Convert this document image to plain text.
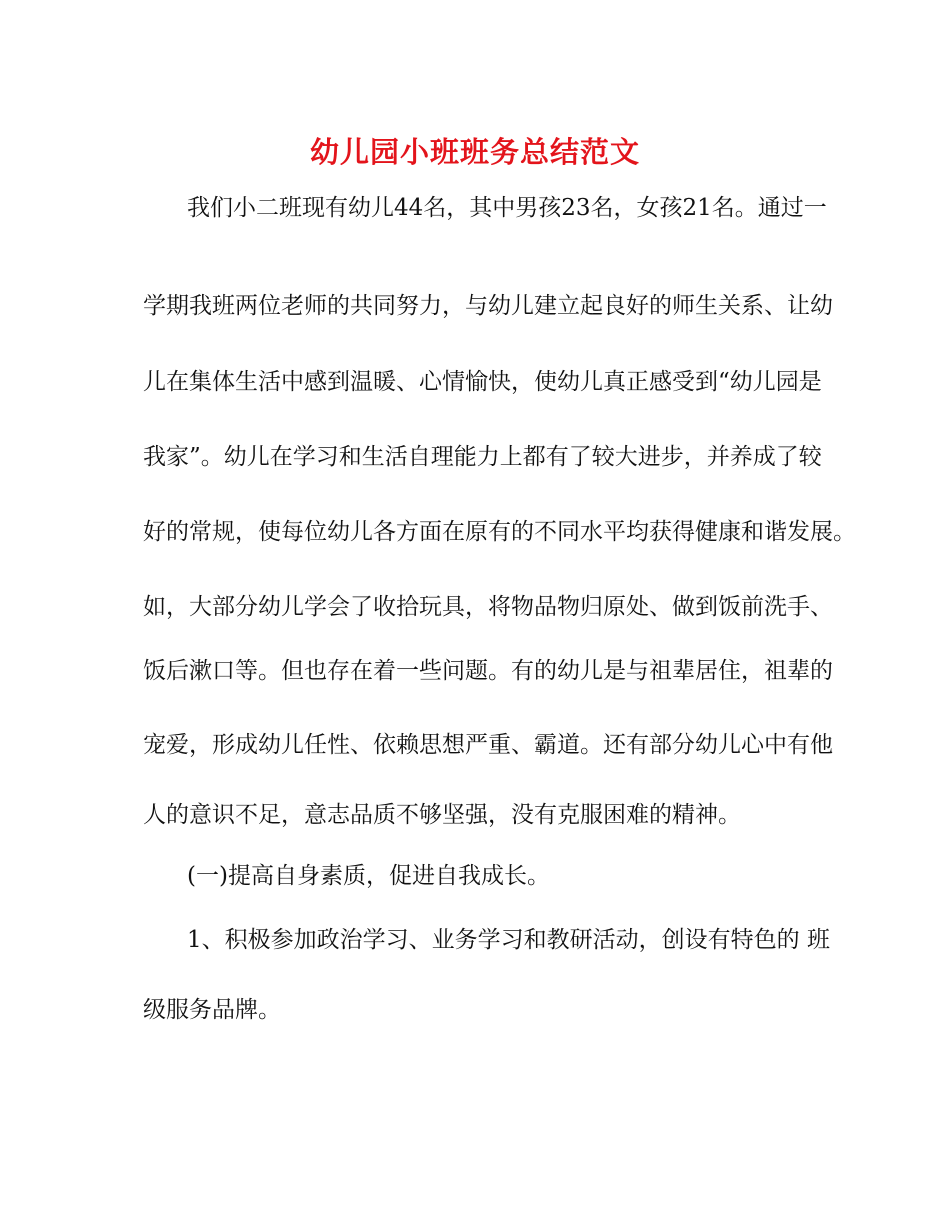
幼儿园小班班务总结范文
我们小二班现有幼儿44名，其中男孩23名，女孩21名。通过一
学期我班两位老师的共同努力，与幼儿建立起良好的师生关系、让幼
儿在集体生活中感到温暖、心情愉快，使幼儿真正感受到“幼儿园是
我家”。幼儿在学习和生活自理能力上都有了较大进步，并养成了较
好的常规，使每位幼儿各方面在原有的不同水平均获得健康和谐发展。
如，大部分幼儿学会了收拾玩具，将物品物归原处、做到饭前洗手、
饭后漱口等。但也存在着一些问题。有的幼儿是与祖辈居住，祖辈的
宠爱，形成幼儿任性、依赖思想严重、霸道。还有部分幼儿心中有他
人的意识不足，意志品质不够坚强，没有克服困难的精神。
(一)提高自身素质，促进自我成长。
1、积极参加政治学习、业务学习和教研活动，创设有特色的 班
级服务品牌。
